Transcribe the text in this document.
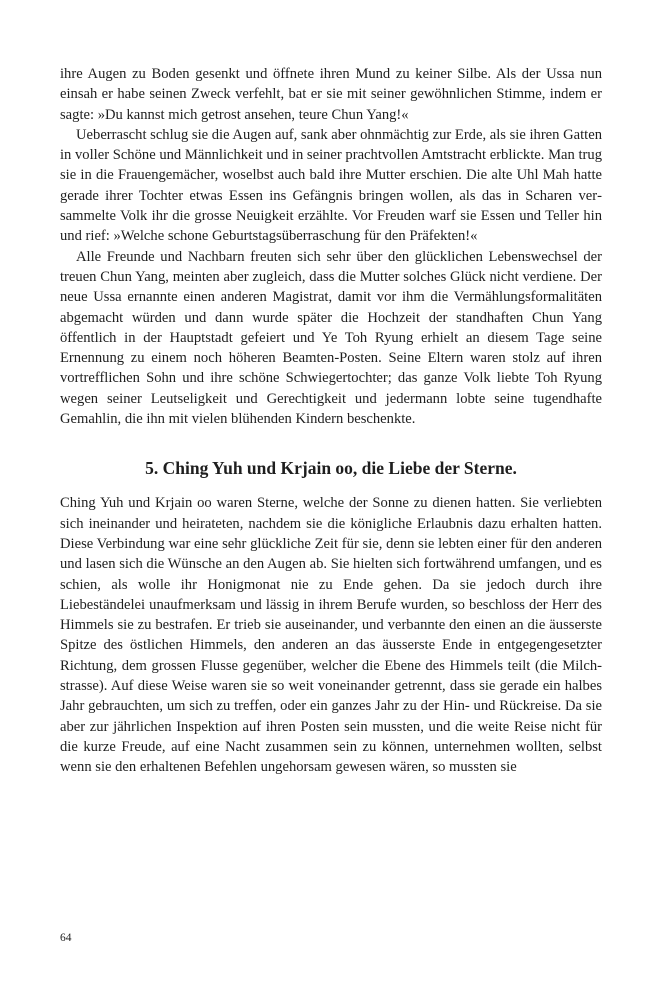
ihre Augen zu Boden gesenkt und öffnete ihren Mund zu keiner Silbe. Als der Ussa nun einsah er habe seinen Zweck verfehlt, bat er sie mit seiner gewöhnlichen Stimme, indem er sagte: »Du kannst mich getrost ansehen, teure Chun Yang!«

Ueberrascht schlug sie die Augen auf, sank aber ohnmächtig zur Erde, als sie ihren Gatten in voller Schöne und Männlichkeit und in seiner prachtvollen Amtstracht erblickte. Man trug sie in die Frauengemächer, woselbst auch bald ihre Mutter erschien. Die alte Uhl Mah hatte gerade ihrer Tochter etwas Essen ins Gefängnis bringen wollen, als das in Scharen versammelte Volk ihr die grosse Neuigkeit erzählte. Vor Freuden warf sie Essen und Teller hin und rief: »Welche schone Geburtstagsüberraschung für den Präfekten!«

Alle Freunde und Nachbarn freuten sich sehr über den glücklichen Lebenswechsel der treuen Chun Yang, meinten aber zugleich, dass die Mutter solches Glück nicht verdiene. Der neue Ussa ernannte einen anderen Magistrat, damit vor ihm die Vermählungsformalitäten abgemacht würden und dann wurde später die Hochzeit der standhaften Chun Yang öffentlich in der Hauptstadt gefeiert und Ye Toh Ryung erhielt an diesem Tage seine Ernennung zu einem noch höheren Beamten-Posten. Seine Eltern waren stolz auf ihren vortrefflichen Sohn und ihre schöne Schwiegertochter; das ganze Volk liebte Toh Ryung wegen seiner Leutseligkeit und Gerechtigkeit und jedermann lobte seine tugendhafte Gemahlin, die ihn mit vielen blühenden Kindern beschenkte.

5. Ching Yuh und Krjain oo, die Liebe der Sterne.

Ching Yuh und Krjain oo waren Sterne, welche der Sonne zu dienen hatten. Sie verliebten sich ineinander und heirateten, nachdem sie die königliche Erlaubnis dazu erhalten hatten. Diese Verbindung war eine sehr glückliche Zeit für sie, denn sie lebten einer für den anderen und lasen sich die Wünsche an den Augen ab. Sie hielten sich fortwährend umfangen, und es schien, als wolle ihr Honigmonat nie zu Ende gehen. Da sie jedoch durch ihre Liebeständelei unaufmerksam und lässig in ihrem Berufe wurden, so beschloss der Herr des Himmels sie zu bestrafen. Er trieb sie auseinander, und verbannte den einen an die äusserste Spitze des östlichen Himmels, den anderen an das äusserste Ende in entgegengesetzter Richtung, dem grossen Flusse gegenüber, welcher die Ebene des Himmels teilt (die Milchstrasse). Auf diese Weise waren sie so weit voneinander getrennt, dass sie gerade ein halbes Jahr gebrauchten, um sich zu treffen, oder ein ganzes Jahr zu der Hin- und Rückreise. Da sie aber zur jährlichen Inspektion auf ihren Posten sein mussten, und die weite Reise nicht für die kurze Freude, auf eine Nacht zusammen sein zu können, unternehmen wollten, selbst wenn sie den erhaltenen Befehlen ungehorsam gewesen wären, so mussten sie

64
